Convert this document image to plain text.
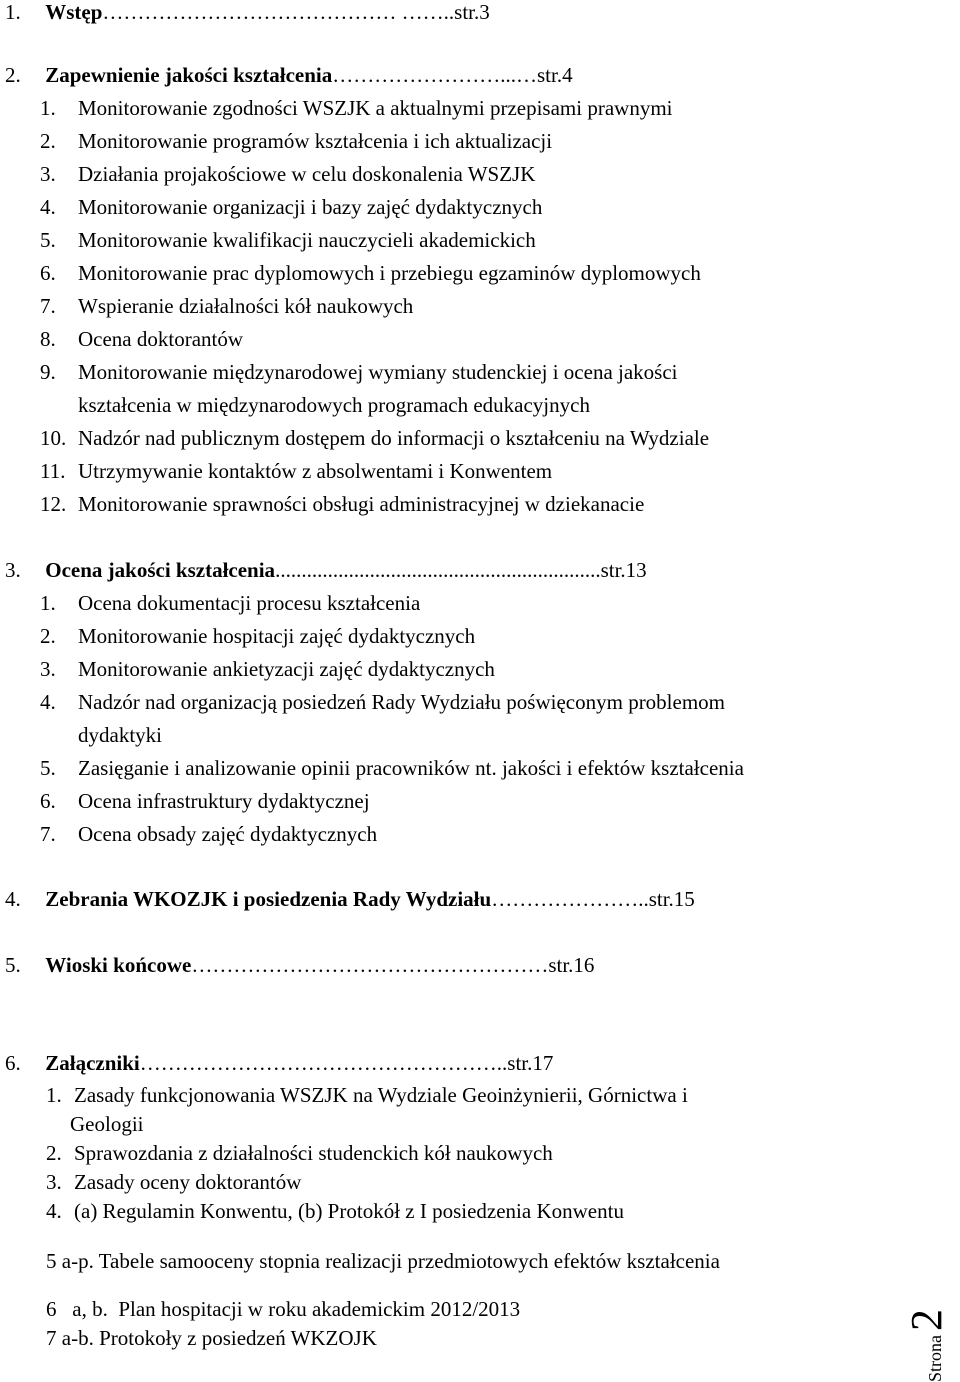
1. Wstęp…………………………………… ……..str.3
2. Zapewnienie jakości kształcenia……………………...…str.4
1. Monitorowanie zgodności WSZJK a aktualnymi przepisami prawnymi
2. Monitorowanie programów kształcenia i ich aktualizacji
3. Działania projakościowe w celu doskonalenia WSZJK
4. Monitorowanie organizacji i bazy zajęć dydaktycznych
5. Monitorowanie kwalifikacji nauczycieli akademickich
6. Monitorowanie prac dyplomowych i przebiegu egzaminów dyplomowych
7. Wspieranie działalności kół naukowych
8. Ocena doktorantów
9. Monitorowanie międzynarodowej wymiany studenckiej i ocena jakości
kształcenia w międzynarodowych programach edukacyjnych
10. Nadzór nad publicznym dostępem do informacji o kształceniu na Wydziale
11. Utrzymywanie kontaktów z absolwentami i Konwentem
12. Monitorowanie sprawności obsługi administracyjnej w dziekanacie
3. Ocena jakości kształcenia..............................................................str.13
1. Ocena dokumentacji procesu kształcenia
2. Monitorowanie hospitacji zajęć dydaktycznych
3. Monitorowanie ankietyzacji zajęć dydaktycznych
4. Nadzór nad organizacją posiedzeń Rady Wydziału poświęconym problemom
dydaktyki
5. Zasięganie i analizowanie opinii pracowników nt. jakości i efektów kształcenia
6. Ocena infrastruktury dydaktycznej
7. Ocena obsady zajęć dydaktycznych
4. Zebrania WKOZJK i posiedzenia Rady Wydziału…………………..str.15
5. Wioski końcowe……………………………………………str.16
6. Załączniki……………………………………………..str.17
1. Zasady funkcjonowania WSZJK na Wydziale Geoinżynierii, Górnictwa i
Geologii
2. Sprawozdania z działalności studenckich kół naukowych
3. Zasady oceny doktorantów
4. (a) Regulamin Konwentu, (b) Protokół z I posiedzenia Konwentu
5 a-p. Tabele samooceny stopnia realizacji przedmiotowych efektów kształcenia
6   a, b.  Plan hospitacji w roku akademickim 2012/2013
7 a-b. Protokoły z posiedzeń WKZOJK	Strona2
